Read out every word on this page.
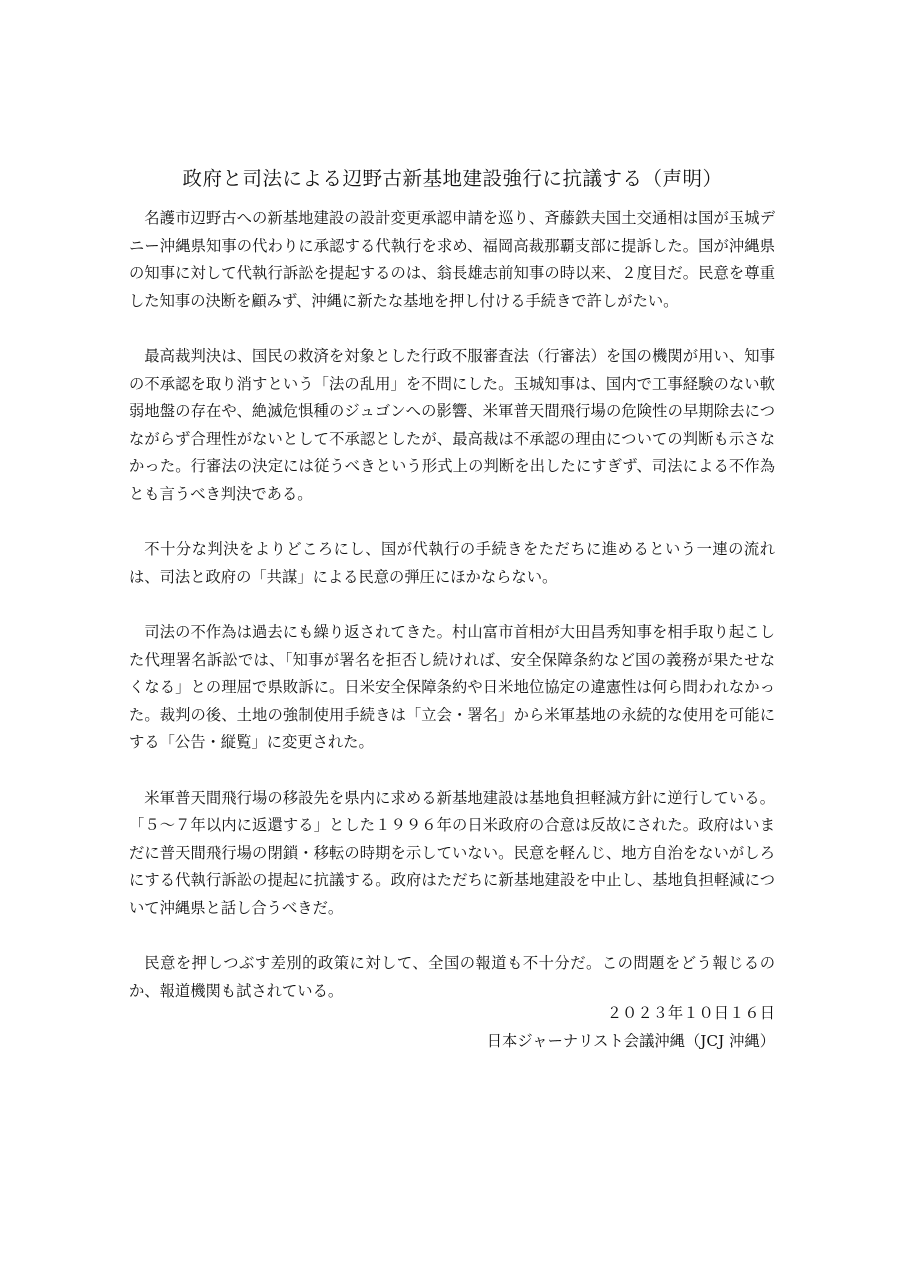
政府と司法による辺野古新基地建設強行に抗議する（声明）

名護市辺野古への新基地建設の設計変更承認申請を巡り、斉藤鉄夫国土交通相は国が玉城デニー沖縄県知事の代わりに承認する代執行を求め、福岡高裁那覇支部に提訴した。国が沖縄県の知事に対して代執行訴訟を提起するのは、翁長雄志前知事の時以来、２度目だ。民意を尊重した知事の決断を顧みず、沖縄に新たな基地を押し付ける手続きで許しがたい。

最高裁判決は、国民の救済を対象とした行政不服審査法（行審法）を国の機関が用い、知事の不承認を取り消すという「法の乱用」を不問にした。玉城知事は、国内で工事経験のない軟弱地盤の存在や、絶滅危惧種のジュゴンへの影響、米軍普天間飛行場の危険性の早期除去につながらず合理性がないとして不承認としたが、最高裁は不承認の理由についての判断も示さなかった。行審法の決定には従うべきという形式上の判断を出したにすぎず、司法による不作為とも言うべき判決である。

不十分な判決をよりどころにし、国が代執行の手続きをただちに進めるという一連の流れは、司法と政府の「共謀」による民意の弾圧にほかならない。

司法の不作為は過去にも繰り返されてきた。村山富市首相が大田昌秀知事を相手取り起こした代理署名訴訟では、「知事が署名を拒否し続ければ、安全保障条約など国の義務が果たせなくなる」との理屈で県敗訴に。日米安全保障条約や日米地位協定の違憲性は何ら問われなかった。裁判の後、土地の強制使用手続きは「立会・署名」から米軍基地の永続的な使用を可能にする「公告・縦覧」に変更された。

米軍普天間飛行場の移設先を県内に求める新基地建設は基地負担軽減方針に逆行している。「５～７年以内に返還する」とした１９９６年の日米政府の合意は反故にされた。政府はいまだに普天間飛行場の閉鎖・移転の時期を示していない。民意を軽んじ、地方自治をないがしろにする代執行訴訟の提起に抗議する。政府はただちに新基地建設を中止し、基地負担軽減について沖縄県と話し合うべきだ。

民意を押しつぶす差別的政策に対して、全国の報道も不十分だ。この問題をどう報じるのか、報道機関も試されている。

２０２３年１０日１６日
日本ジャーナリスト会議沖縄（JCJ 沖縄）
